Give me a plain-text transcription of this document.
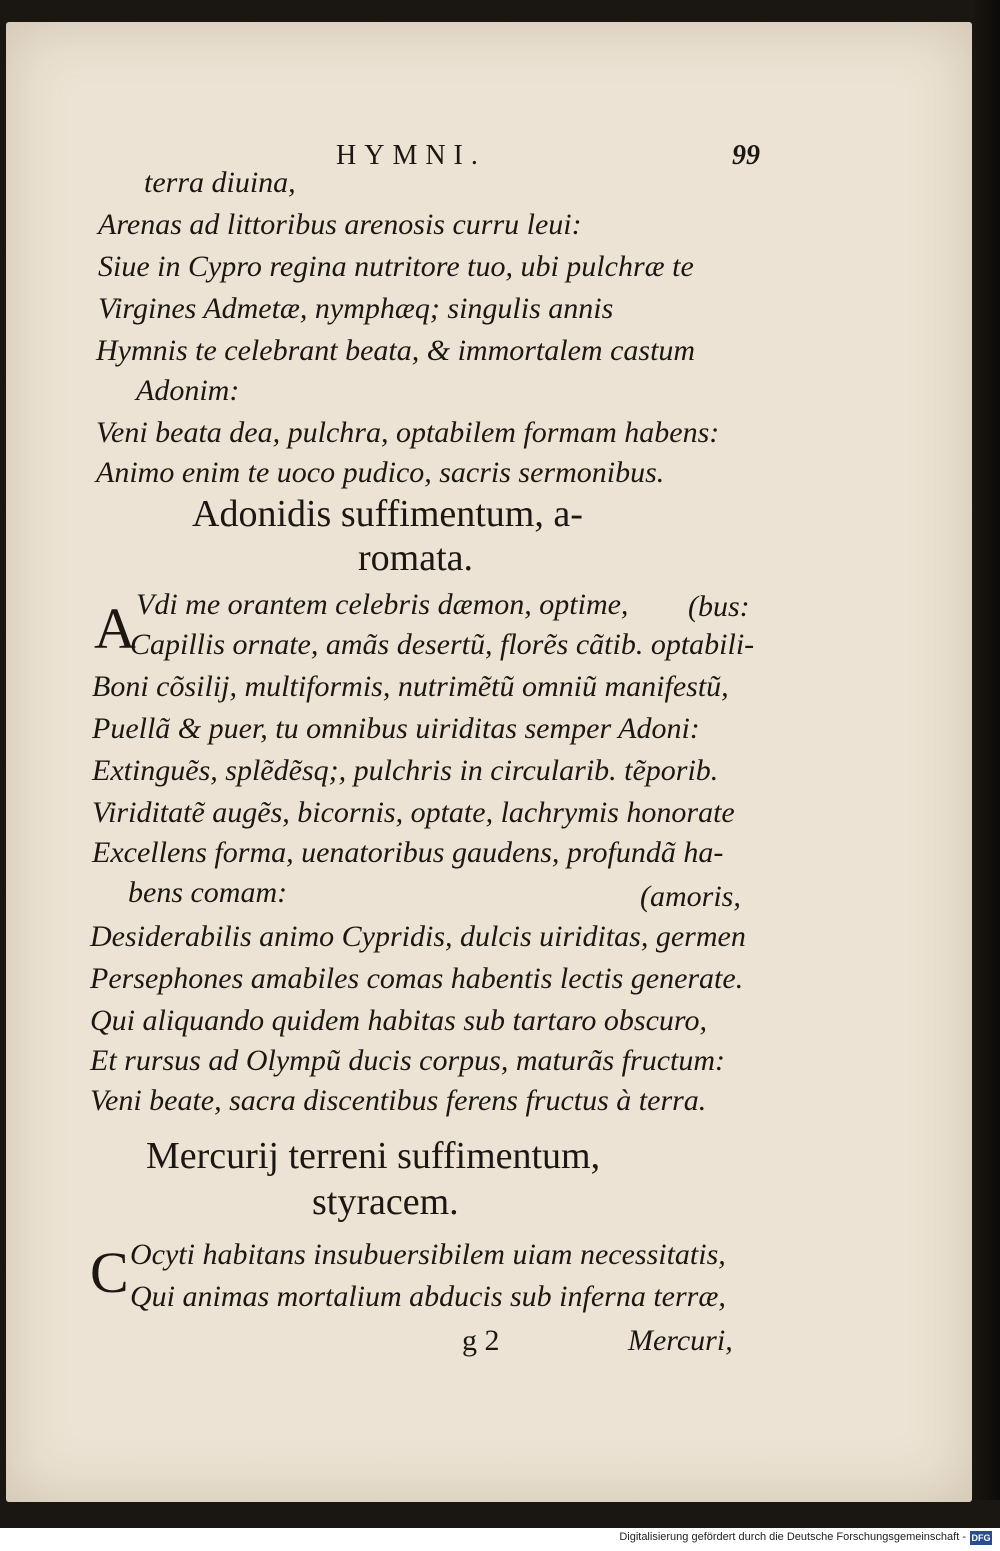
HYMNI.	99
terra diuina,
Arenas ad littoribus arenosis curru leui:
Siue in Cypro regina nutritore tuo, ubi pulchræ te
Virgines Admetæ, nymphæq; singulis annis
Hymnis te celebrant beata, & immortalem castum
Adonim:
Veni beata dea, pulchra, optabilem formam habens:
Animo enim te uoco pudico, sacris sermonibus.
Adonidis suffimentum, a-
romata.
A Vdi me orantem celebris dæmon, optime, (bus:
Capillis ornate, amãs desertũ, florẽs cãtib. optabili-
Boni cõsilij, multiformis, nutrimẽtũ omniũ manifestũ,
Puellã & puer, tu omnibus uiriditas semper Adoni:
Extinguẽs, splẽdẽsq;, pulchris in circularib. tẽporib.
Viriditatẽ augẽs, bicornis, optate, lachrymis honorate
Excellens forma, uenatoribus gaudens, profundã ha-
bens comam:	(amoris,
Desiderabilis animo Cypridis, dulcis uiriditas, germen
Persephones amabiles comas habentis lectis generate.
Qui aliquando quidem habitas sub tartaro obscuro,
Et rursus ad Olympũ ducis corpus, maturãs fructum:
Veni beate, sacra discentibus ferens fructus à terra.
Mercurij terreni suffimentum,
styracem.
C Ocyti habitans insubuersibilem uiam necessitatis,
Qui animas mortalium abducis sub inferna terræ,
g 2	Mercuri,
Digitalisierung gefördert durch die Deutsche Forschungsgemeinschaft - DFG
